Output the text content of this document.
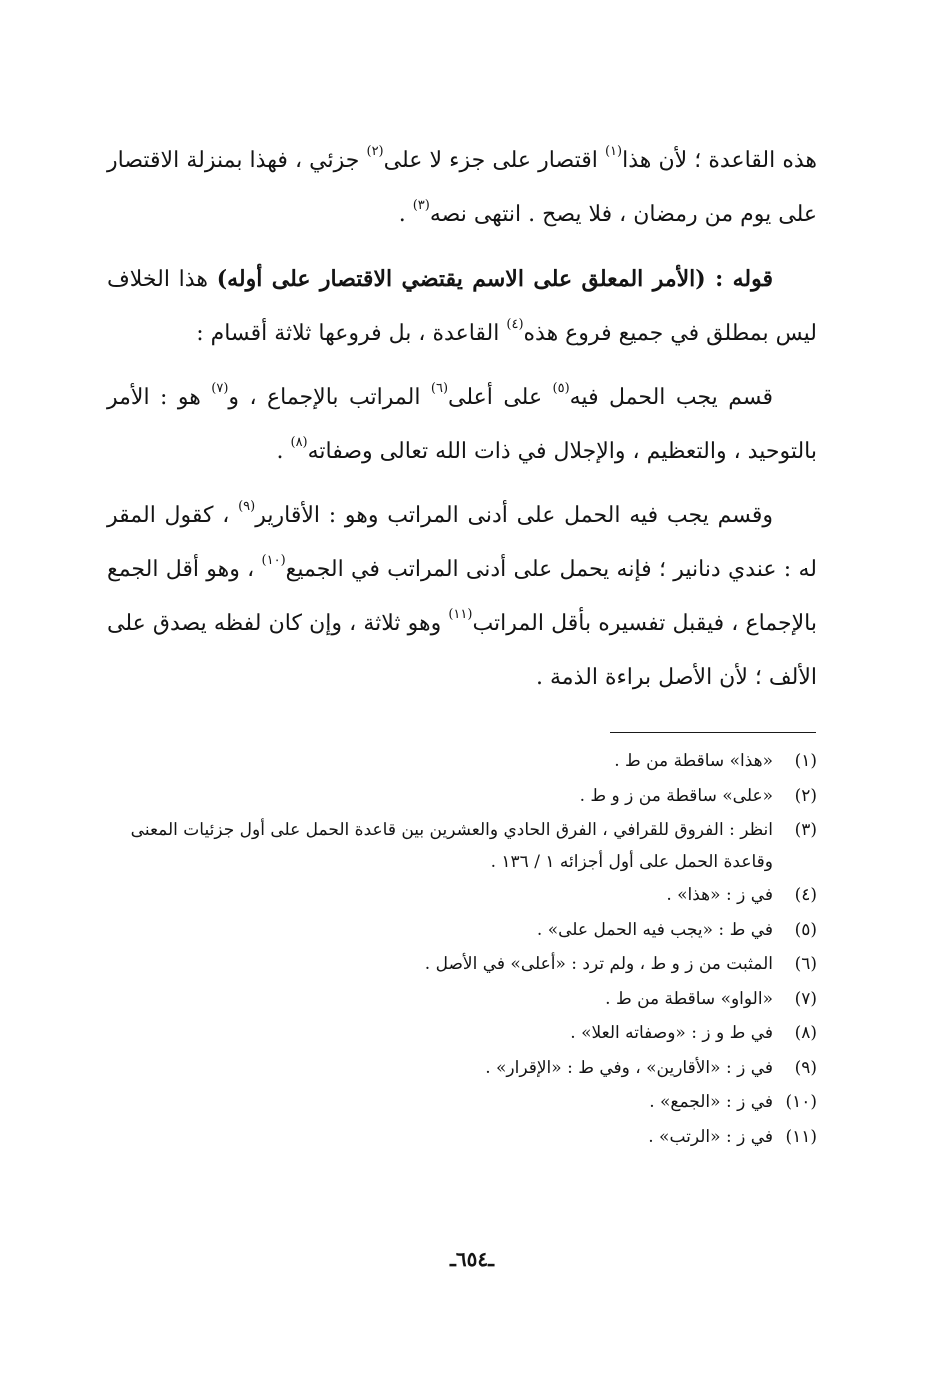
هذه القاعدة ؛ لأن هذا$^{(١)}$ اقتصار على جزء لا على$^{(٢)}$ جزئي ، فهذا بمنزلة الاقتصار على يوم من رمضان ، فلا يصح . انتهى نصه$^{(٣)}$ .

قوله : (الأمر المعلق على الاسم يقتضي الاقتصار على أوله) هذا الخلاف ليس بمطلق في جميع فروع هذه$^{(٤)}$ القاعدة ، بل فروعها ثلاثة أقسام :

قسم يجب الحمل فيه$^{(٥)}$ على أعلى$^{(٦)}$ المراتب بالإجماع ، و$^{(٧)}$ هو : الأمر بالتوحيد ، والتعظيم ، والإجلال في ذات الله تعالى وصفاته$^{(٨)}$ .

وقسم يجب فيه الحمل على أدنى المراتب وهو : الأقارير$^{(٩)}$ ، كقول المقر له : عندي دنانير ؛ فإنه يحمل على أدنى المراتب في الجميع$^{(١٠)}$ ، وهو أقل الجمع بالإجماع ، فيقبل تفسيره بأقل المراتب$^{(١١)}$ وهو ثلاثة ، وإن كان لفظه يصدق على الألف ؛ لأن الأصل براءة الذمة .

(١)
«هذا» ساقطة من ط .
(٢)
«على» ساقطة من ز و ط .
(٣)
انظر : الفروق للقرافي ، الفرق الحادي والعشرين بين قاعدة الحمل على أول جزئيات المعنى وقاعدة الحمل على أول أجزائه ١ / ١٣٦ .
(٤)
في ز : «هذا» .
(٥)
في ط : «يجب فيه الحمل على» .
(٦)
المثبت من ز و ط ، ولم ترد : «أعلى» في الأصل .
(٧)
«الواو» ساقطة من ط .
(٨)
في ط و ز : «وصفاته العلا» .
(٩)
في ز : «الأقارين» ، وفي ط : «الإقرار» .
(١٠)
في ز : «الجمع» .
(١١)
في ز : «الرتب» .
ـ٦٥٤ـ
